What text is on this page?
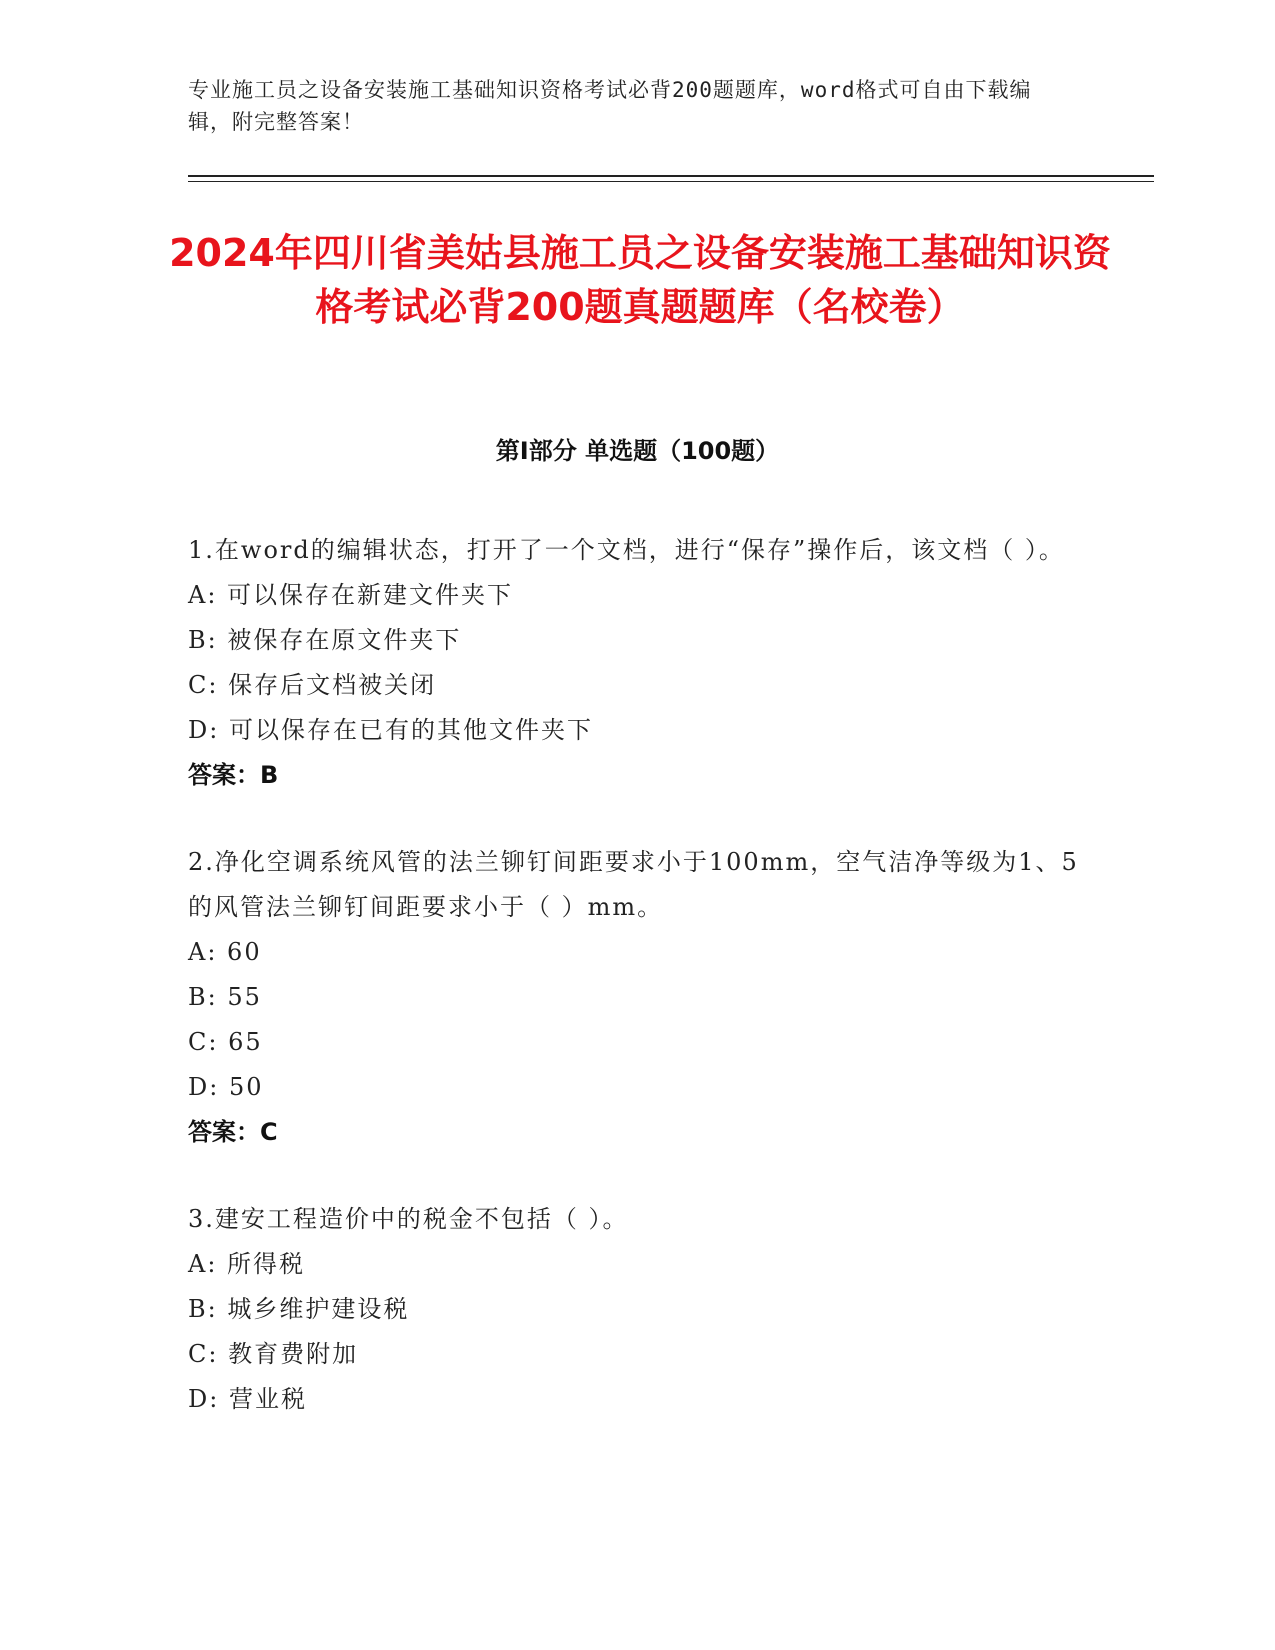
专业施工员之设备安装施工基础知识资格考试必背200题题库，word格式可自由下载编辑，附完整答案！
2024年四川省美姑县施工员之设备安装施工基础知识资格考试必背200题真题题库（名校卷）
第Ⅰ部分 单选题（100题）
1.在word的编辑状态，打开了一个文档，进行“保存”操作后，该文档（ ）。
A: 可以保存在新建文件夹下
B: 被保存在原文件夹下
C: 保存后文档被关闭
D: 可以保存在已有的其他文件夹下
答案：B
2.净化空调系统风管的法兰铆钉间距要求小于100mm，空气洁净等级为1、5的风管法兰铆钉间距要求小于（ ）mm。
A: 60
B: 55
C: 65
D: 50
答案：C
3.建安工程造价中的税金不包括（ ）。
A: 所得税
B: 城乡维护建设税
C: 教育费附加
D: 营业税
